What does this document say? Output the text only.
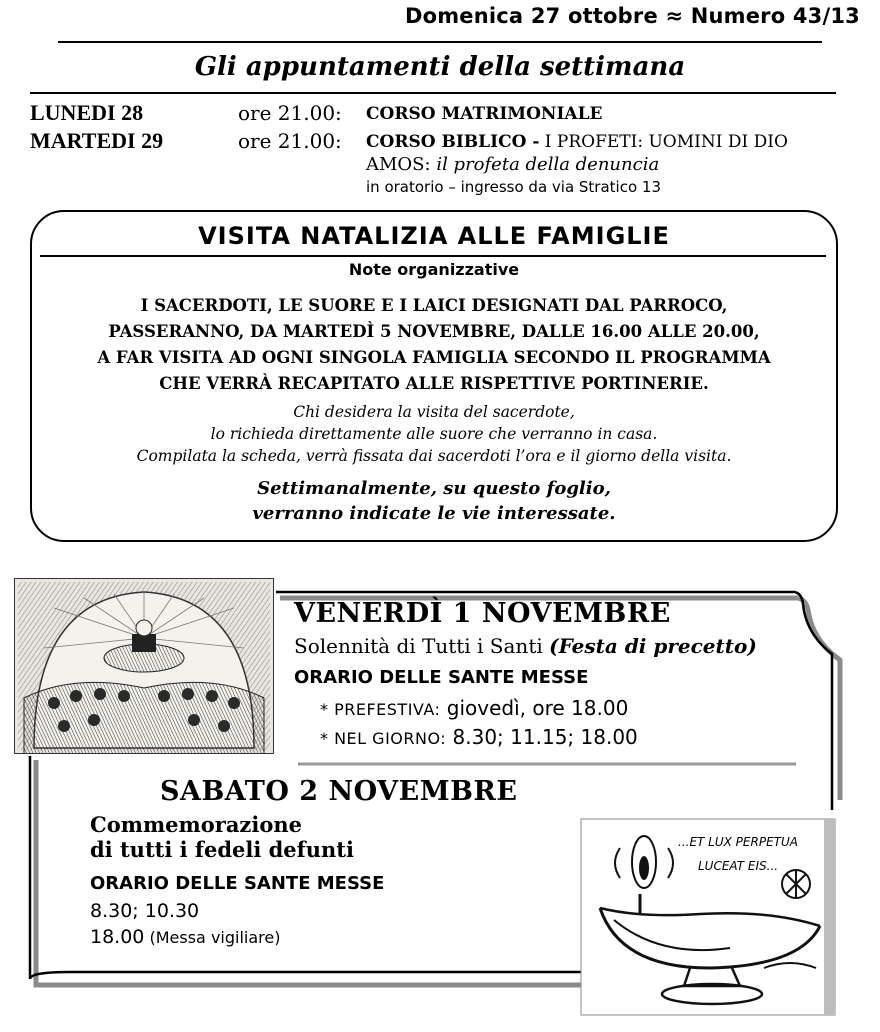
Domenica 27 ottobre ≈ Numero 43/13
Gli appuntamenti della settimana
LUNEDI 28	ore 21.00: CORSO MATRIMONIALE
MARTEDI 29	ore 21.00: CORSO BIBLICO - I PROFETI: UOMINI DI DIO
AMOS: il profeta della denuncia
in oratorio – ingresso da via Stratico 13
VISITA NATALIZIA ALLE FAMIGLIE
Note organizzative
I SACERDOTI, LE SUORE E I LAICI DESIGNATI DAL PARROCO,
PASSERANNO, DA MARTEDÌ 5 NOVEMBRE, DALLE 16.00 ALLE 20.00,
A FAR VISITA AD OGNI SINGOLA FAMIGLIA SECONDO IL PROGRAMMA
CHE VERRÀ RECAPITATO ALLE RISPETTIVE PORTINERIE.
Chi desidera la visita del sacerdote,
lo richieda direttamente alle suore che verranno in casa.
Compilata la scheda, verrà fissata dai sacerdoti l’ora e il giorno della visita.
Settimanalmente, su questo foglio,
verranno indicate le vie interessate.
VENERDÌ 1 NOVEMBRE
Solennità di Tutti i Santi (Festa di precetto)
ORARIO DELLE SANTE MESSE
* PREFESTIVA: giovedì, ore 18.00
* NEL GIORNO: 8.30; 11.15; 18.00
SABATO 2 NOVEMBRE
Commemorazione
di tutti i fedeli defunti
ORARIO DELLE SANTE MESSE
8.30; 10.30
18.00 (Messa vigiliare)
...ET LUX PERPETUA
LUCEAT EIS...
